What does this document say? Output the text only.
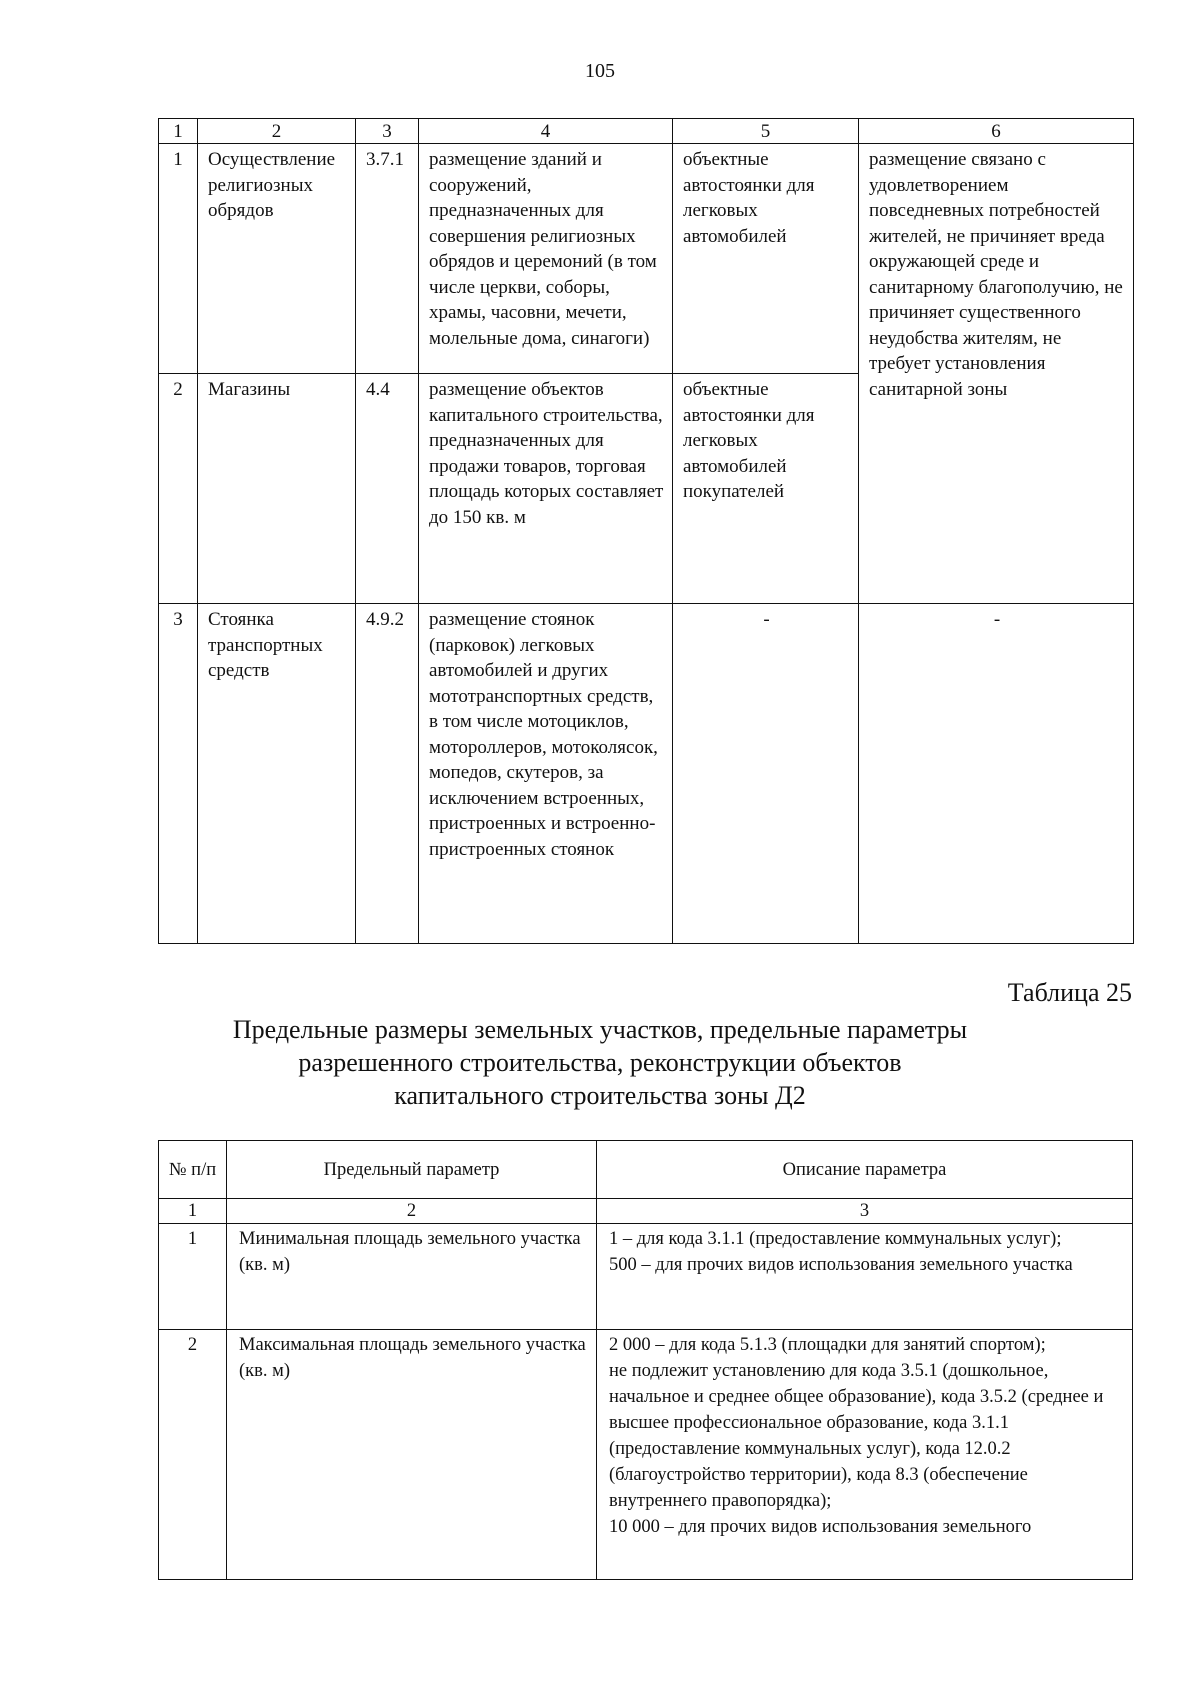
105
1	2	3	4	5	6
1	Осуществление религиозных обрядов	3.7.1	размещение зданий и сооружений, предназначенных для совершения религиозных обрядов и церемоний (в том числе церкви, соборы, храмы, часовни, мечети, молельные дома, синагоги)	объектные автостоянки для легковых автомобилей	размещение связано с удовлетворением повседневных потребностей жителей, не причиняет вреда окружающей среде и санитарному благополучию, не причиняет существенного неудобства жителям, не требует установления санитарной зоны
2	Магазины	4.4	размещение объектов капитального строительства, предназначенных для продажи товаров, торговая площадь которых составляет до 150 кв. м	объектные автостоянки для легковых автомобилей покупателей	
3	Стоянка транспортных средств	4.9.2	размещение стоянок (парковок) легковых автомобилей и других мототранспортных средств, в том числе мотоциклов, мотороллеров, мотоколясок, мопедов, скутеров, за исключением встроенных, пристроенных и встроенно-пристроенных стоянок	-	-
Таблица 25
Предельные размеры земельных участков, предельные параметры
разрешенного строительства, реконструкции объектов
капитального строительства зоны Д2
№ п/п	Предельный параметр	Описание параметра
1	2	3
1	Минимальная площадь земельного участка (кв. м)	1 – для кода 3.1.1 (предоставление коммунальных услуг);

500 – для прочих видов использования земельного участка

2	Максимальная площадь земельного участка (кв. м)	2 000 – для кода 5.1.3 (площадки для занятий спортом);

не подлежит установлению для кода 3.5.1 (дошкольное, начальное и среднее общее образование), кода 3.5.2 (среднее и высшее профессиональное образование, кода 3.1.1 (предоставление коммунальных услуг), кода 12.0.2 (благоустройство территории), кода 8.3 (обеспечение внутреннего правопорядка);

10 000 – для прочих видов использования земельного
